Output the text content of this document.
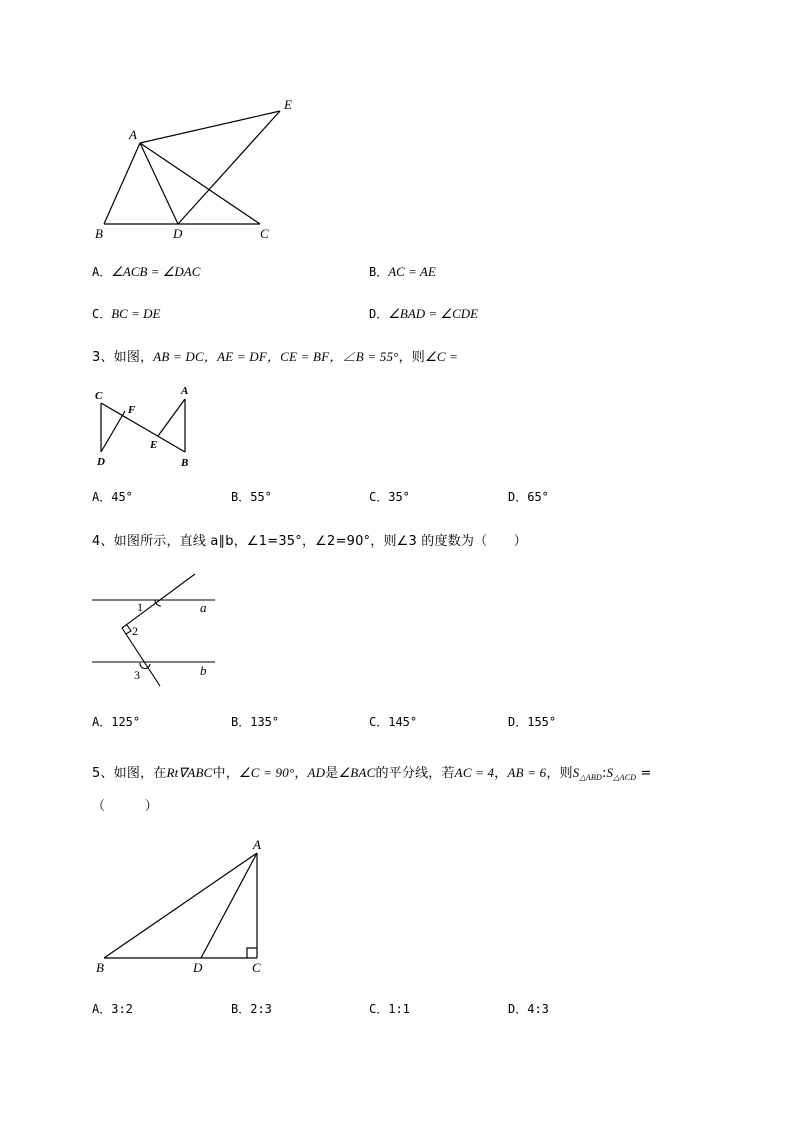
A
E
B	D	C
A．∠ACB = ∠DAC	B．AC = AE
C．BC = DE	D．∠BAD = ∠CDE
3、如图，AB = DC，AE = DF，CE = BF，∠B = 55°，则∠C =
C
F
A
D
E
B
A．45°	B．55°	C．35°	D．65°
4、如图所示，直线 a∥b，∠1=35°，∠2=90°，则∠3 的度数为（　　）
1
2
3
a
b
A．125°	B．135°	C．145°	D．155°
5、如图，在Rt∇ABC中，∠C = 90°，AD是∠BAC的平分线，若AC = 4，AB = 6，则$S_{\triangle ABD}:S_{\triangle ACD}$ =
（　　　）
A
B	D	C
A．3:2	B．2:3	C．1:1	D．4:3
